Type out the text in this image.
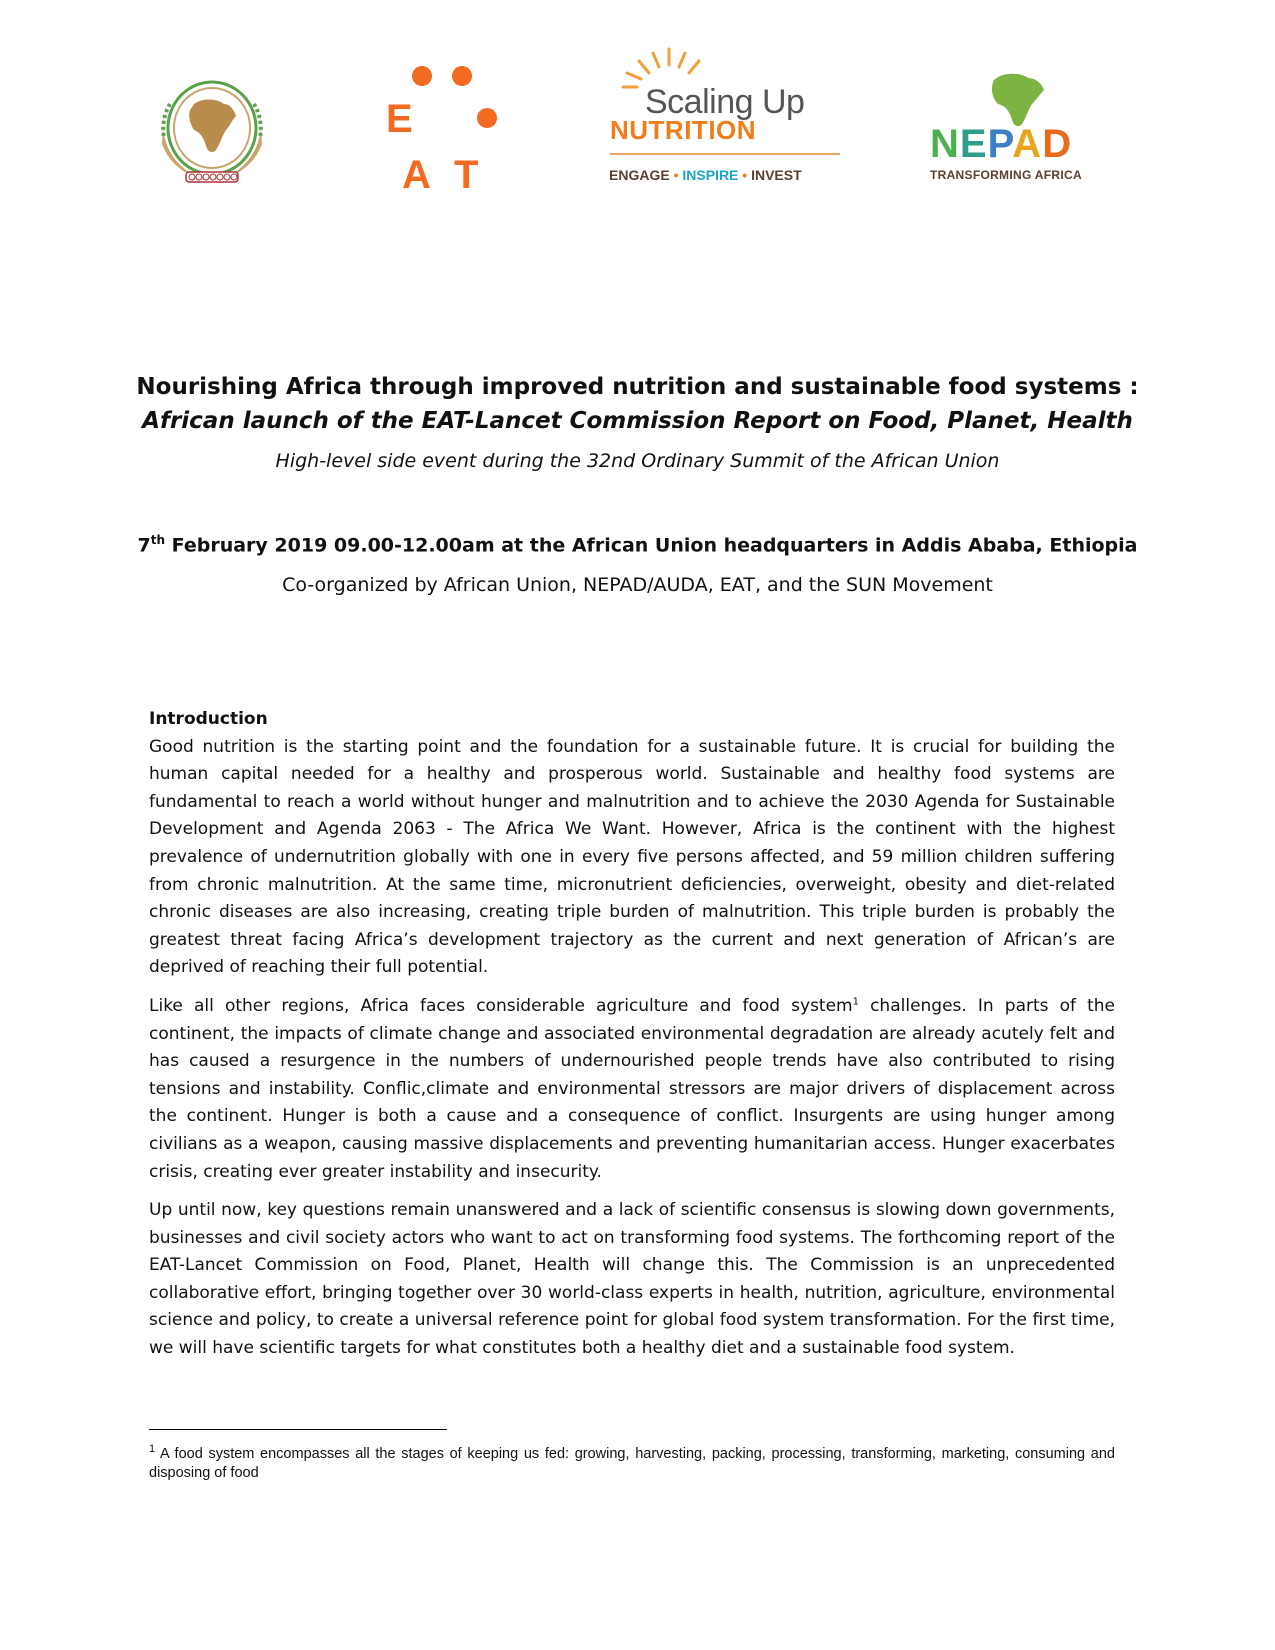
E
A T
Scaling Up
NUTRITION
ENGAGE • INSPIRE • INVEST
NEPAD
TRANSFORMING AFRICA

Nourishing Africa through improved nutrition and sustainable food systems :

African launch of the EAT-Lancet Commission Report on Food, Planet, Health

High-level side event during the 32nd Ordinary Summit of the African Union
7th February 2019 09.00-12.00am at the African Union headquarters in Addis Ababa, Ethiopia
Co-organized by African Union, NEPAD/AUDA, EAT, and the SUN Movement

Introduction

Good nutrition is the starting point and the foundation for a sustainable future. It is crucial for building the human capital needed for a healthy and prosperous world. Sustainable and healthy food systems are fundamental to reach a world without hunger and malnutrition and to achieve the 2030 Agenda for Sustainable Development and Agenda 2063 - The Africa We Want. However, Africa is the continent with the highest prevalence of undernutrition globally with one in every five persons affected, and 59 million children suffering from chronic malnutrition. At the same time, micronutrient deficiencies, overweight, obesity and diet-related chronic diseases are also increasing, creating triple burden of malnutrition. This triple burden is probably the greatest threat facing Africa’s development trajectory as the current and next generation of African’s are deprived of reaching their full potential.

Like all other regions, Africa faces considerable agriculture and food system$^1$ challenges. In parts of the continent, the impacts of climate change and associated environmental degradation are already acutely felt and has caused a resurgence in the numbers of undernourished people trends have also contributed to rising tensions and instability. Conflic,climate and environmental stressors are major drivers of displacement across the continent. Hunger is both a cause and a consequence of conflict. Insurgents are using hunger among civilians as a weapon, causing massive displacements and preventing humanitarian access. Hunger exacerbates crisis, creating ever greater instability and insecurity.

Up until now, key questions remain unanswered and a lack of scientific consensus is slowing down governments, businesses and civil society actors who want to act on transforming food systems. The forthcoming report of the EAT-Lancet Commission on Food, Planet, Health will change this. The Commission is an unprecedented collaborative effort, bringing together over 30 world-class experts in health, nutrition, agriculture, environmental science and policy, to create a universal reference point for global food system transformation. For the first time, we will have scientific targets for what constitutes both a healthy diet and a sustainable food system.

$^1$ A food system encompasses all the stages of keeping us fed: growing, harvesting, packing, processing, transforming, marketing, consuming and disposing of food
